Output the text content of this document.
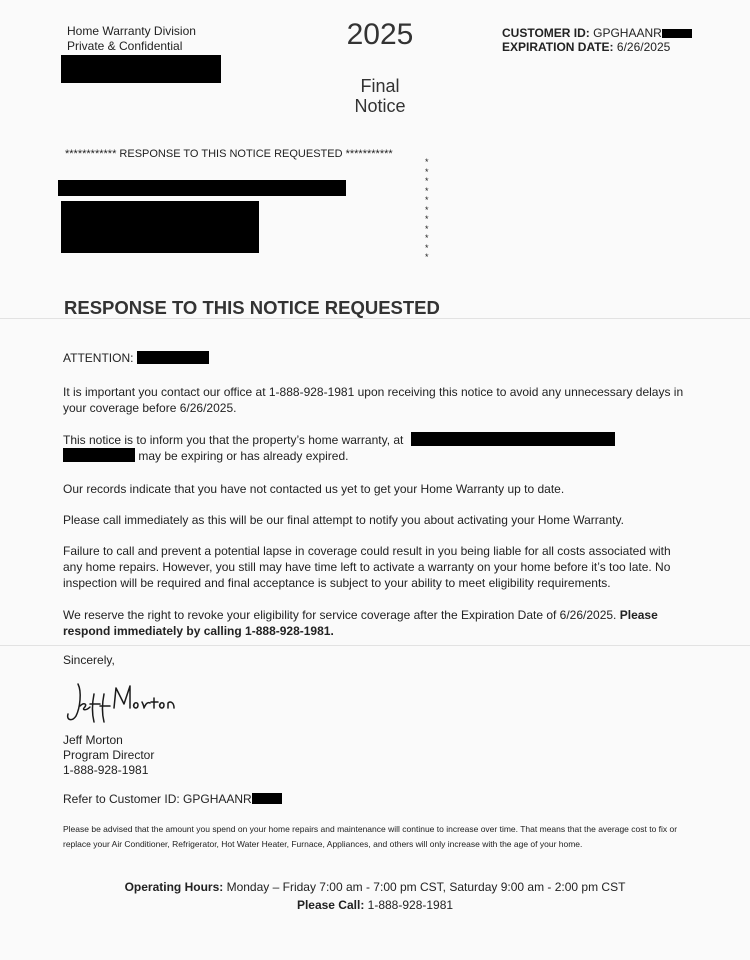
Home Warranty Division
Private & Confidential	2025
Final
Notice
CUSTOMER ID: GPGHAANR
EXPIRATION DATE: 6/26/2025
************ RESPONSE TO THIS NOTICE REQUESTED ***********
*
*
*
*
*
*
*
*
*
*
*
RESPONSE TO THIS NOTICE REQUESTED
ATTENTION:
It is important you contact our office at 1-888-928-1981 upon receiving this notice to avoid any unnecessary delays in your coverage before 6/26/2025.
This notice is to inform you that the property’s home warranty, at
may be expiring or has already expired.
Our records indicate that you have not contacted us yet to get your Home Warranty up to date.
Please call immediately as this will be our final attempt to notify you about activating your Home Warranty.
Failure to call and prevent a potential lapse in coverage could result in you being liable for all costs associated with any home repairs. However, you still may have time left to activate a warranty on your home before it’s too late. No inspection will be required and final acceptance is subject to your ability to meet eligibility requirements.
We reserve the right to revoke your eligibility for service coverage after the Expiration Date of 6/26/2025. Please respond immediately by calling 1-888-928-1981.
Sincerely,
Jeff Morton
Program Director
1-888-928-1981
Refer to Customer ID: GPGHAANR
Please be advised that the amount you spend on your home repairs and maintenance will continue to increase over time. That means that the average cost to fix or replace your Air Conditioner, Refrigerator, Hot Water Heater, Furnace, Appliances, and others will only increase with the age of your home.
Operating Hours: Monday – Friday 7:00 am - 7:00 pm CST, Saturday 9:00 am - 2:00 pm CST
Please Call: 1-888-928-1981
